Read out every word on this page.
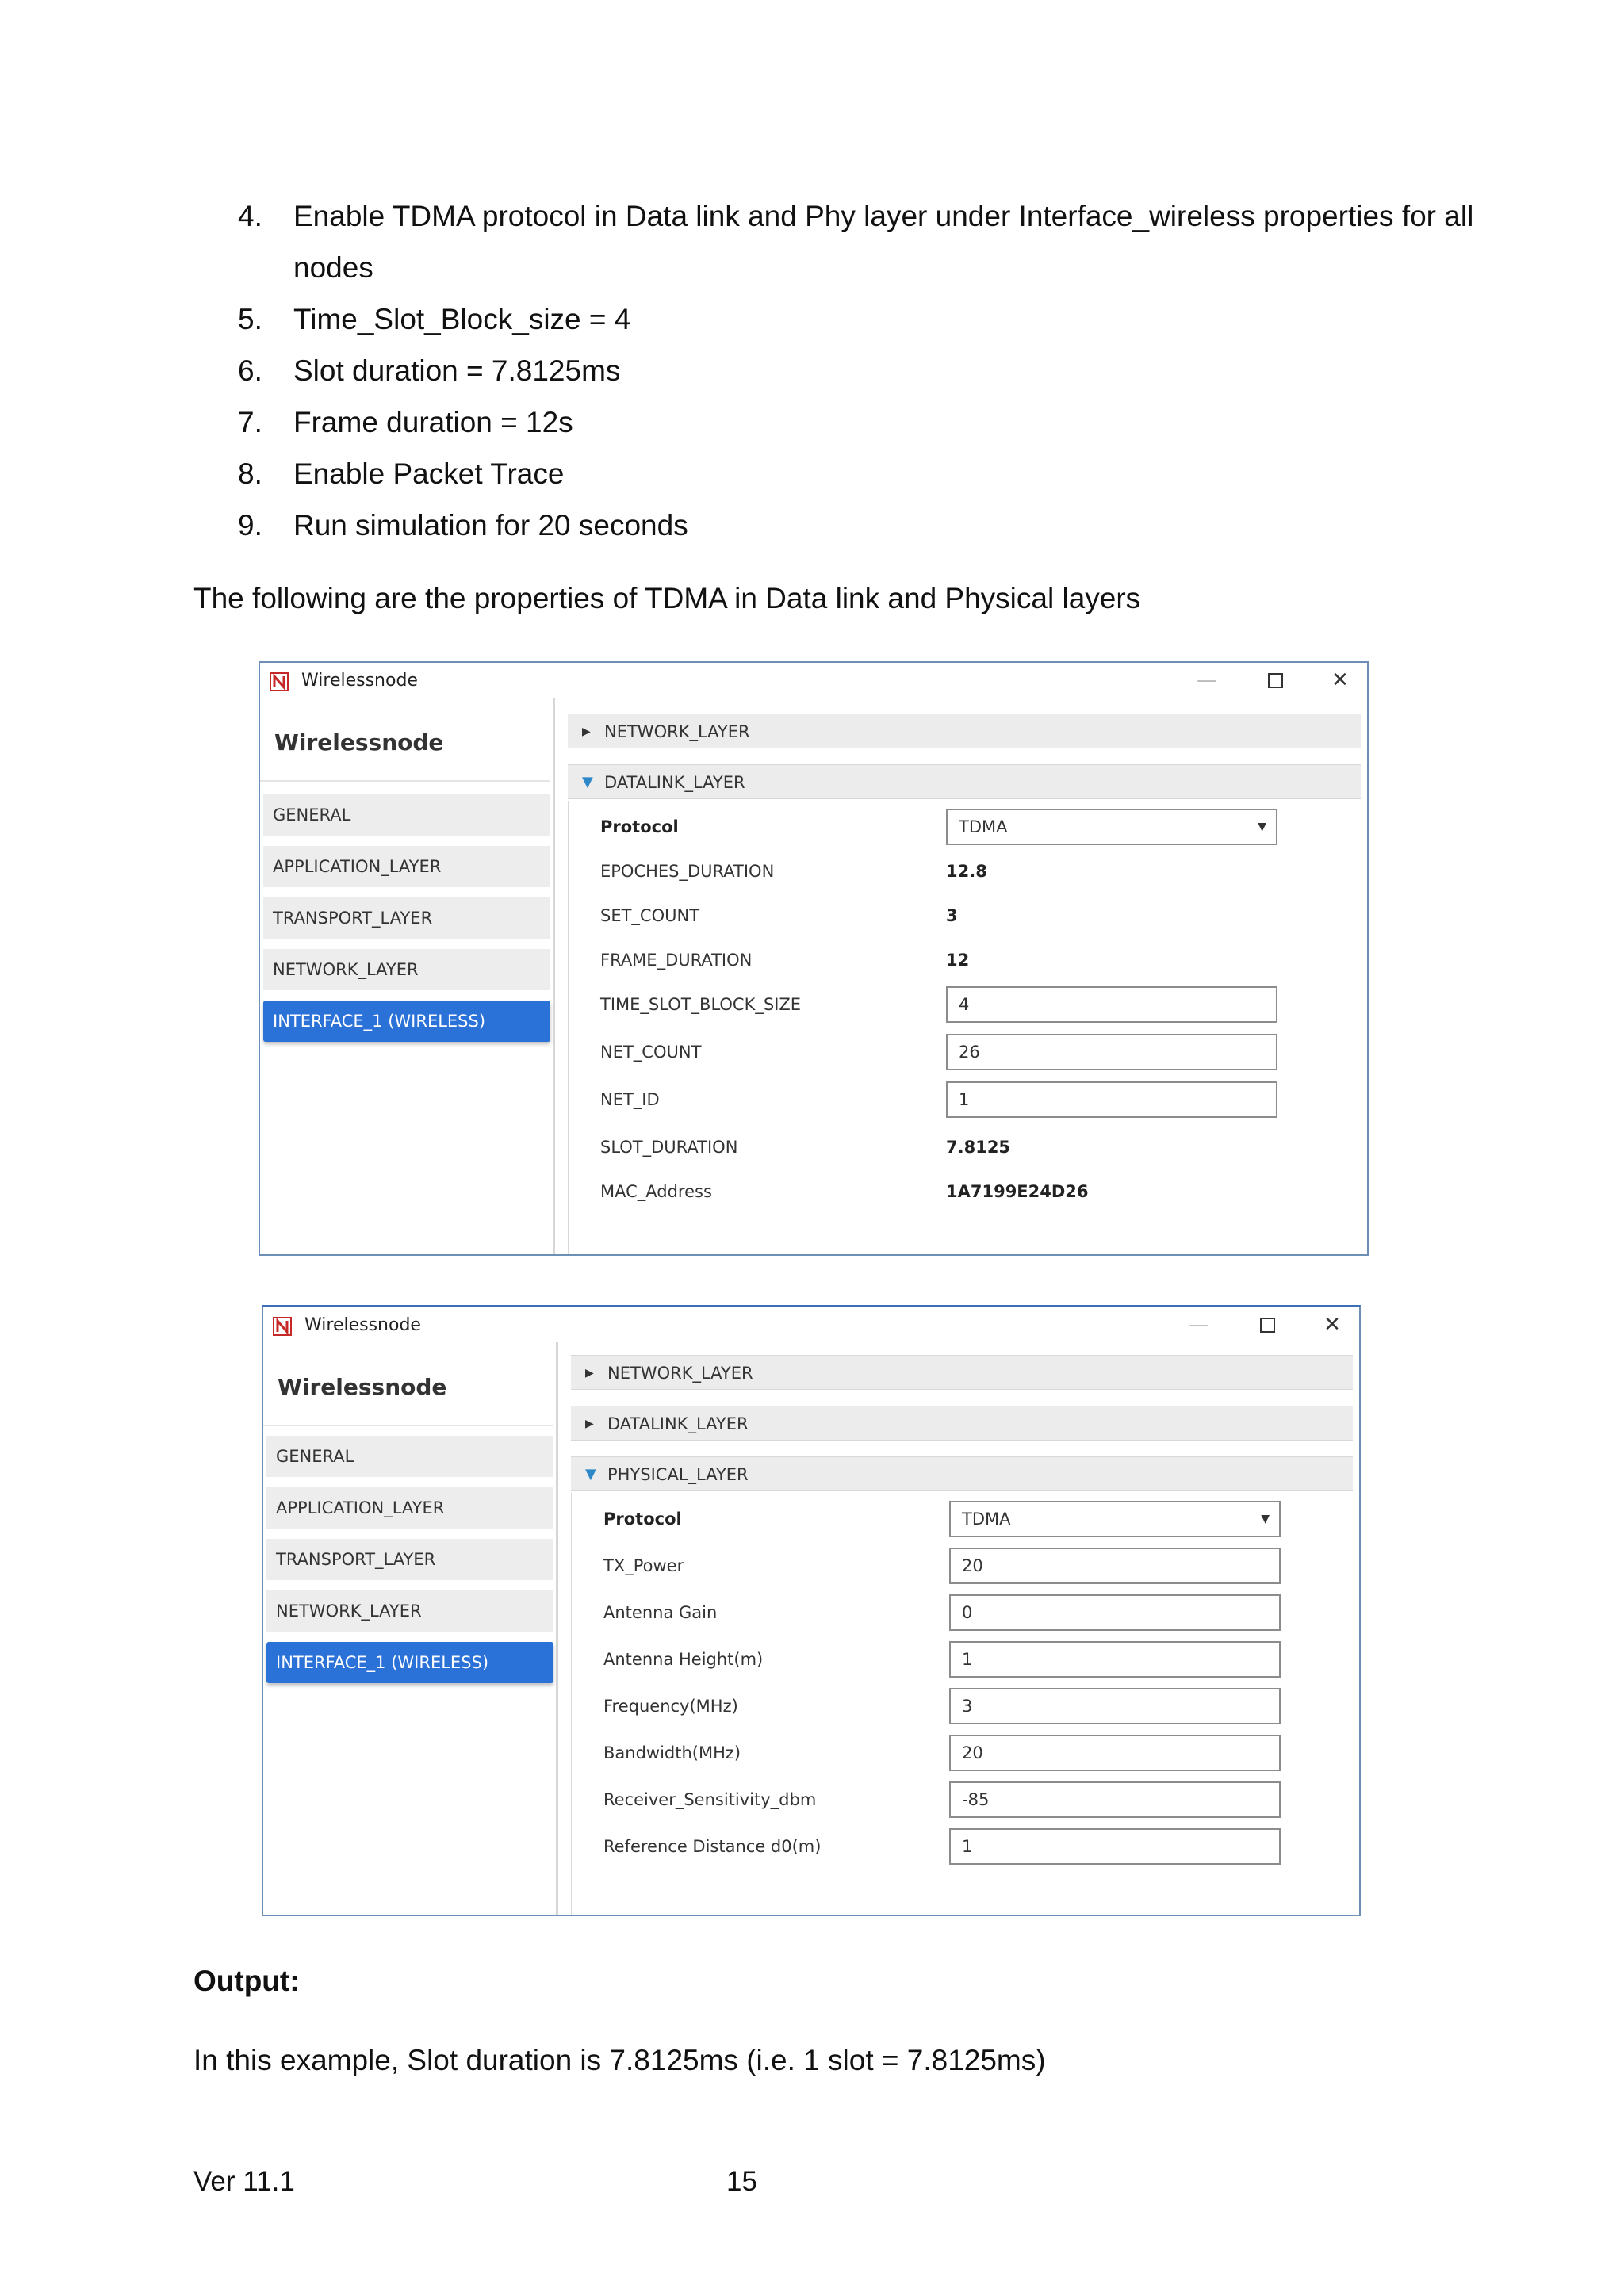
4. Enable TDMA protocol in Data link and Phy layer under Interface_wireless properties for all nodes
5. Time_Slot_Block_size = 4
6. Slot duration = 7.8125ms
7. Frame duration = 12s
8. Enable Packet Trace
9. Run simulation for 20 seconds

The following are the properties of TDMA in Data link and Physical layers

Wirelessnode	—	✕
Wirelessnode
GENERAL
APPLICATION_LAYER
TRANSPORT_LAYER
NETWORK_LAYER
INTERFACE_1 (WIRELESS)
▶ NETWORK_LAYER
▼ DATALINK_LAYER
Protocol	TDMA	▼
EPOCHES_DURATION	12.8
SET_COUNT	3
FRAME_DURATION	12
TIME_SLOT_BLOCK_SIZE	4
NET_COUNT	26
NET_ID	1
SLOT_DURATION	7.8125
MAC_Address	1A7199E24D26
Wirelessnode	—	✕
Wirelessnode
GENERAL
APPLICATION_LAYER
TRANSPORT_LAYER
NETWORK_LAYER
INTERFACE_1 (WIRELESS)
▶ NETWORK_LAYER
▶ DATALINK_LAYER
▼ PHYSICAL_LAYER
Protocol	TDMA	▼
TX_Power	20
Antenna Gain	0
Antenna Height(m)	1
Frequency(MHz)	3
Bandwidth(MHz)	20
Receiver_Sensitivity_dbm	-85
Reference Distance d0(m)	1

Output:

In this example, Slot duration is 7.8125ms (i.e. 1 slot = 7.8125ms)

Ver 11.1	15
